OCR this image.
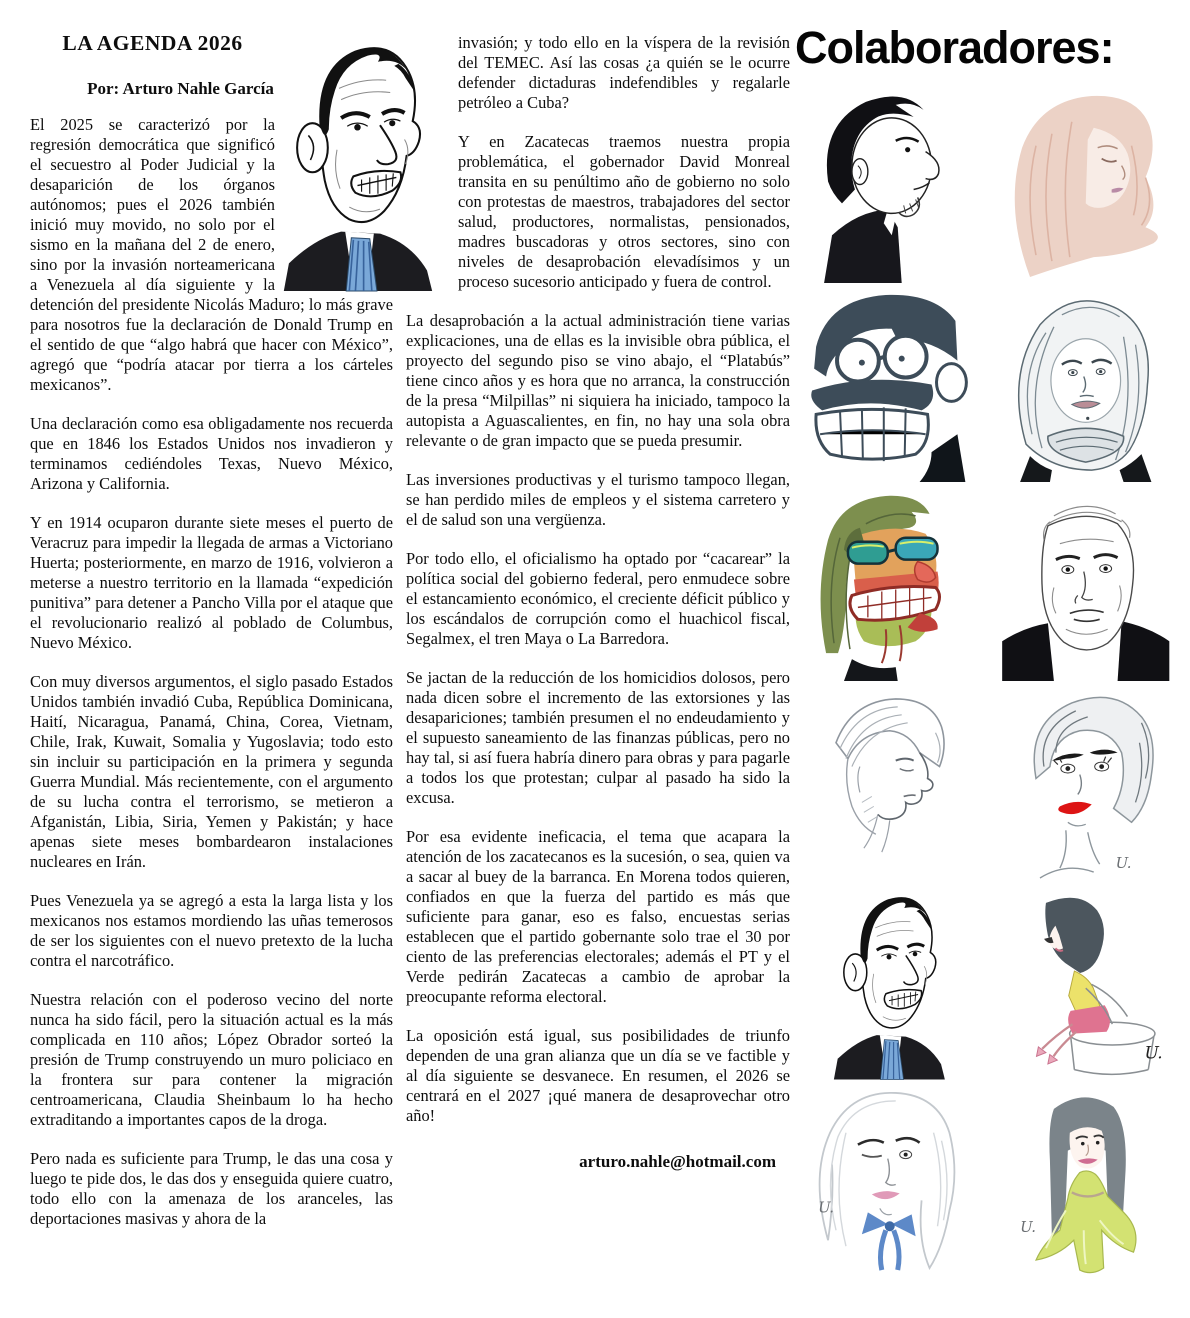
LA AGENDA 2026
Por: Arturo Nahle García

El 2025 se caracterizó por la regresión democrática que significó el secuestro al Poder Judicial y la desaparición de los órganos autónomos; pues el 2026 también inició muy movido, no solo por el sismo en la mañana del 2 de enero, sino por la invasión norteamericana a Venezuela al día siguiente y la detención del presidente Nicolás Maduro; lo más grave para nosotros fue la declaración de Donald Trump en el sentido de que “algo habrá que hacer con México”, agregó que “podría atacar por tierra a los cárteles mexicanos”.

Una declaración como esa obligadamente nos recuerda que en 1846 los Estados Unidos nos invadieron y terminamos cediéndoles Texas, Nuevo México, Arizona y California.

Y en 1914 ocuparon durante siete meses el puerto de Veracruz para impedir la llegada de armas a Victoriano Huerta; posteriormente, en marzo de 1916, volvieron a meterse a nuestro territorio en la llamada “expedición punitiva” para detener a Pancho Villa por el ataque que el revolucionario realizó al poblado de Columbus, Nuevo México.

Con muy diversos argumentos, el siglo pasado Estados Unidos también invadió Cuba, República Dominicana, Haití, Nicaragua, Panamá, China, Corea, Vietnam, Chile, Irak, Kuwait, Somalia y Yugoslavia; todo esto sin incluir su participación en la primera y segunda Guerra Mundial. Más recientemente, con el argumento de su lucha contra el terrorismo, se metieron a Afganistán, Libia, Siria, Yemen y Pakistán; y hace apenas siete meses bombardearon instalaciones nucleares en Irán.

Pues Venezuela ya se agregó a esta la larga lista y los mexicanos nos estamos mordiendo las uñas temerosos de ser los siguientes con el nuevo pretexto de la lucha contra el narcotráfico.

Nuestra relación con el poderoso vecino del norte nunca ha sido fácil, pero la situación actual es la más complicada en 110 años; López Obrador sorteó la presión de Trump construyendo un muro policiaco en la frontera sur para contener la migración centroamericana, Claudia Sheinbaum lo ha hecho extraditando a importantes capos de la droga.

Pero nada es suficiente para Trump, le das una cosa y luego te pide dos, le das dos y enseguida quiere cuatro, todo ello con la amenaza de los aranceles, las deportaciones masivas y ahora de la

invasión; y todo ello en la víspera de la revisión del TEMEC. Así las cosas ¿a quién se le ocurre defender dictaduras indefendibles y regalarle petróleo a Cuba?

Y en Zacatecas traemos nuestra propia problemática, el gobernador David Monreal transita en su penúltimo año de gobierno no solo con protestas de maestros, trabajadores del sector salud, productores, normalistas, pensionados, madres buscadoras y otros sectores, sino con niveles de desaprobación elevadísimos y un proceso sucesorio anticipado y fuera de control.

La desaprobación a la actual administración tiene varias explicaciones, una de ellas es la invisible obra pública, el proyecto del segundo piso se vino abajo, el “Platabús” tiene cinco años y es hora que no arranca, la construcción de la presa “Milpillas” ni siquiera ha iniciado, tampoco la autopista a Aguascalientes, en fin, no hay una sola obra relevante o de gran impacto que se pueda presumir.

Las inversiones productivas y el turismo tampoco llegan, se han perdido miles de empleos y el sistema carretero y el de salud son una vergüenza.

Por todo ello, el oficialismo ha optado por “cacarear” la política social del gobierno federal, pero enmudece sobre el estancamiento económico, el creciente déficit público y los escándalos de corrupción como el huachicol fiscal, Segalmex, el tren Maya o La Barredora.

Se jactan de la reducción de los homicidios dolosos, pero nada dicen sobre el incremento de las extorsiones y las desapariciones; también presumen el no endeudamiento y el supuesto saneamiento de las finanzas públicas, pero no hay tal, si así fuera habría dinero para obras y para pagarle a todos los que protestan; culpar al pasado ha sido la excusa.

Por esa evidente ineficacia, el tema que acapara la atención de los zacatecanos es la sucesión, o sea, quien va a sacar al buey de la barranca. En Morena todos quieren, confiados en que la fuerza del partido es más que suficiente para ganar, eso es falso, encuestas serias establecen que el partido gobernante solo trae el 30 por ciento de las preferencias electorales; además el PT y el Verde pedirán Zacatecas a cambio de aprobar la preocupante reforma electoral.

La oposición está igual, sus posibilidades de triunfo dependen de una gran alianza que un día se ve factible y al día siguiente se desvanece. En resumen, el 2026 se centrará en el 2027 ¡qué manera de desaprovechar otro año!

arturo.nahle@hotmail.com

Colaboradores:
U.
U.
U.
U.
